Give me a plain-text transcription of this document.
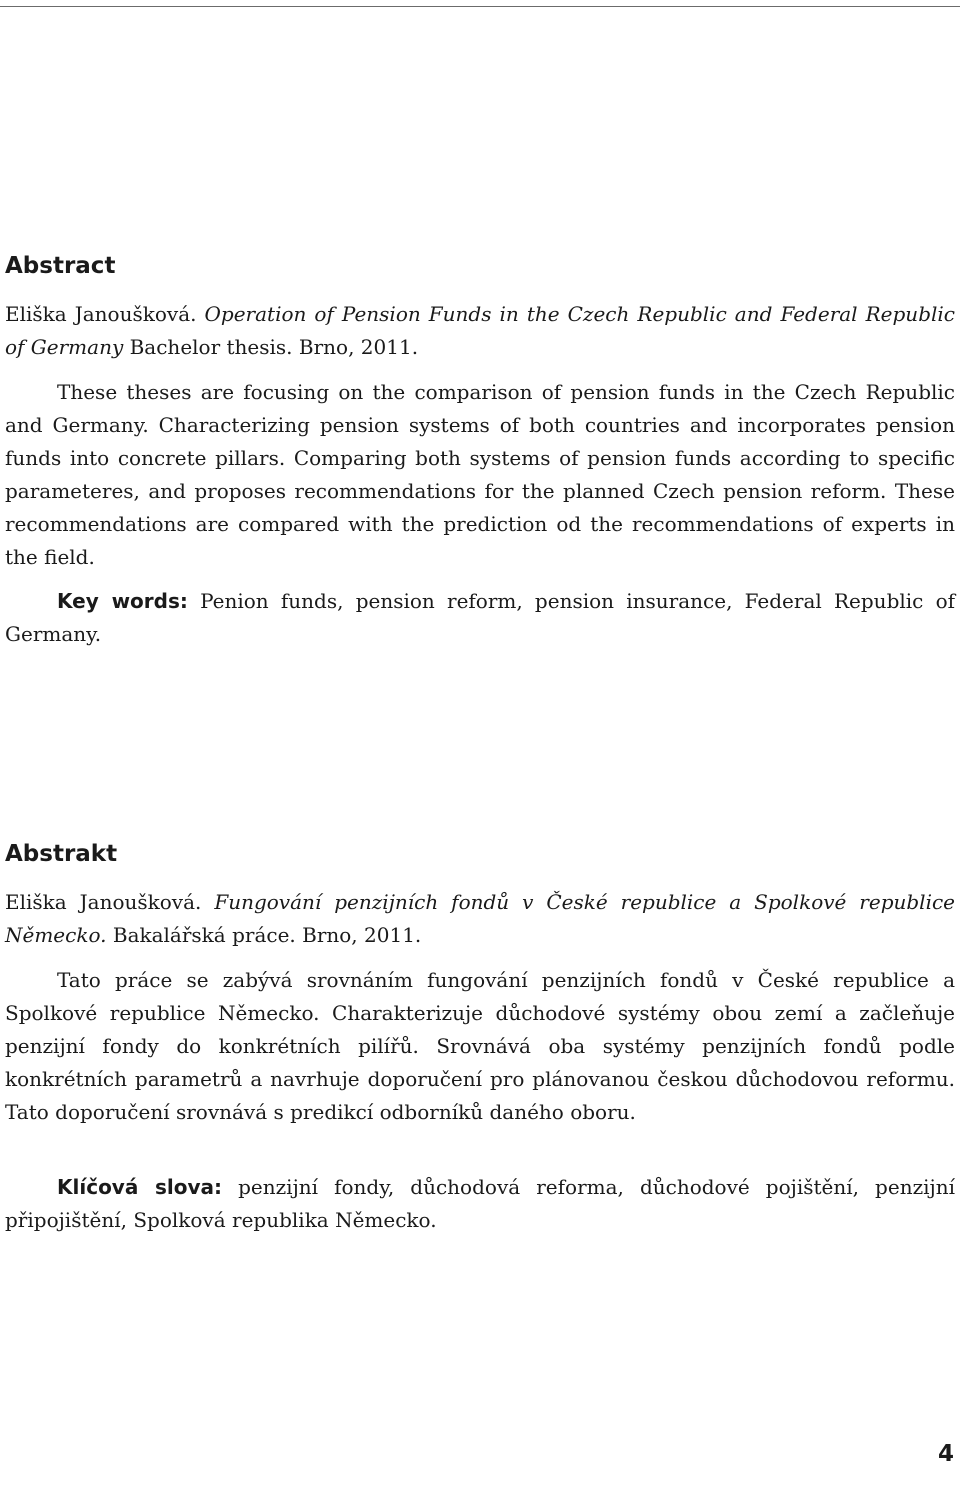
Abstract

Eliška Janoušková. Operation of Pension Funds in the Czech Republic and Federal Republic of Germany Bachelor thesis. Brno, 2011.

These theses are focusing on the comparison of pension funds in the Czech Republic and Germany. Characterizing pension systems of both countries and incorporates pension funds into concrete pillars. Comparing both systems of pension funds according to specific parameteres, and proposes recommendations for the planned Czech pension reform. These recommendations are compared with the prediction od the recommendations of experts in the field.

Key words: Penion funds, pension reform, pension insurance, Federal Republic of Germany.

Abstrakt

Eliška Janoušková. Fungování penzijních fondů v České republice a Spolkové republice Německo. Bakalářská práce. Brno, 2011.

Tato práce se zabývá srovnáním fungování penzijních fondů v České republice a Spolkové republice Německo. Charakterizuje důchodové systémy obou zemí a začleňuje penzijní fondy do konkrétních pilířů. Srovnává oba systémy penzijních fondů podle konkrétních parametrů a navrhuje doporučení pro plánovanou českou důchodovou reformu. Tato doporučení srovnává s predikcí odborníků daného oboru.

Klíčová slova: penzijní fondy, důchodová reforma, důchodové pojištění, penzijní připojištění, Spolková republika Německo.

4
